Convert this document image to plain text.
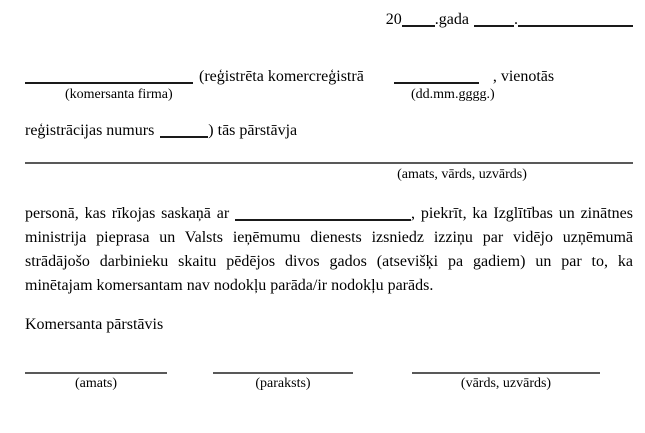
20 .gada	.
(reģistrēta komercreģistrā	, vienotās
(komersanta firma)	(dd.mm.gggg.)
reģistrācijas numurs	) tās pārstāvja
(amats, vārds, uzvārds)

personā, kas rīkojas saskaņā ar	, piekrīt, ka Izglītības un zinātnes ministrija pieprasa un Valsts ieņēmumu dienests izsniedz izziņu par vidējo uzņēmumā strādājošo darbinieku skaitu pēdējos divos gados (atsevišķi pa gadiem) un par to, ka minētajam komersantam nav nodokļu parāda/ir nodokļu parāds.

Komersanta pārstāvis
(amats)	(paraksts)	(vārds, uzvārds)
